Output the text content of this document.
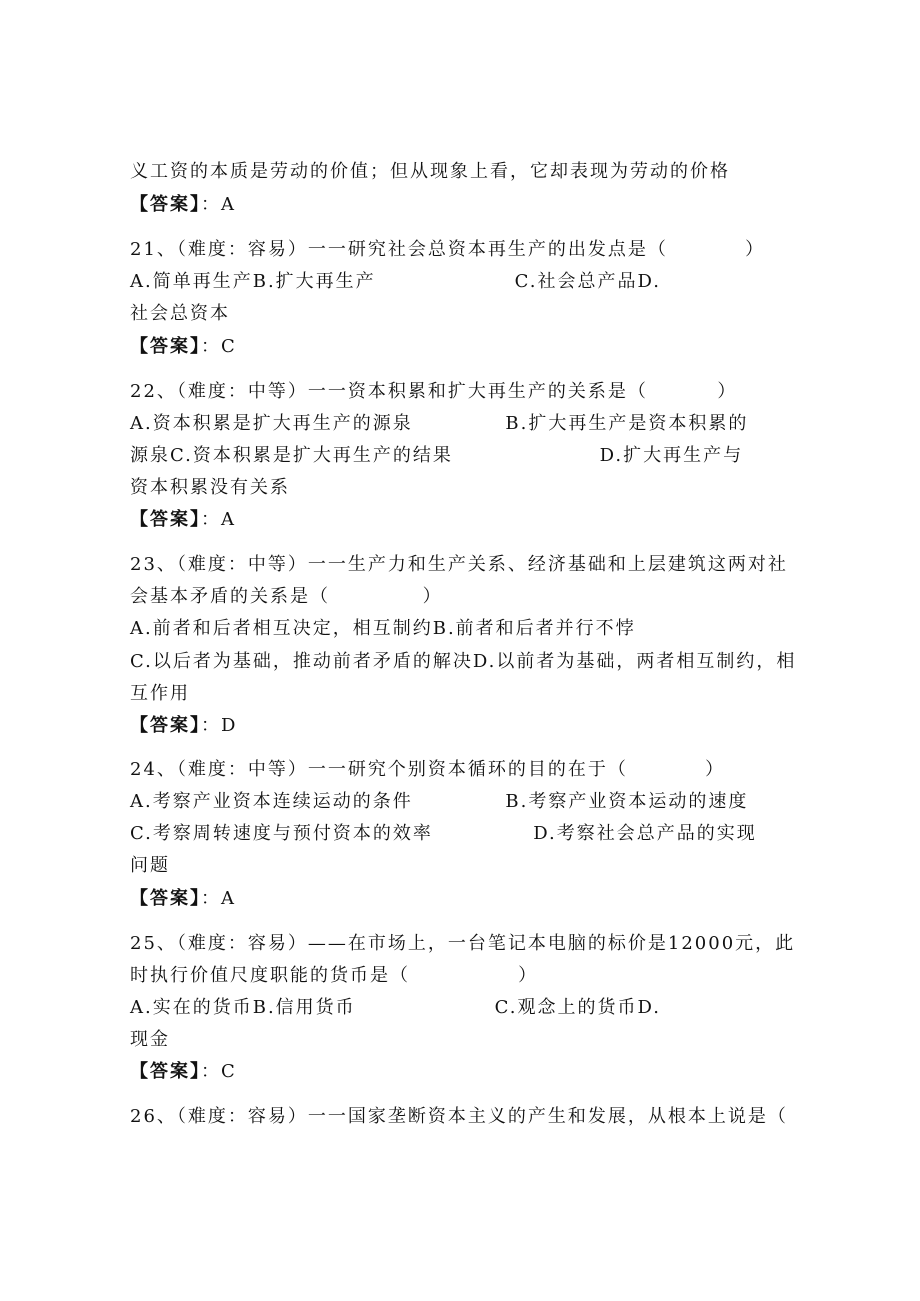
义工资的本质是劳动的价值；但从现象上看，它却表现为劳动的价格
【答案】：A
21、（难度：容易）一一研究社会总资本再生产的出发点是（          ）
A.简单再生产B.扩大再生产                  C.社会总产品D.
社会总资本
【答案】：C
22、（难度：中等）一一资本积累和扩大再生产的关系是（         ）
A.资本积累是扩大再生产的源泉            B.扩大再生产是资本积累的
源泉C.资本积累是扩大再生产的结果                   D.扩大再生产与
资本积累没有关系
【答案】：A
23、（难度：中等）一一生产力和生产关系、经济基础和上层建筑这两对社
会基本矛盾的关系是（            ）
A.前者和后者相互决定，相互制约B.前者和后者并行不悖
C.以后者为基础，推动前者矛盾的解决D.以前者为基础，两者相互制约，相
互作用
【答案】：D
24、（难度：中等）一一研究个别资本循环的目的在于（          ）
A.考察产业资本连续运动的条件            B.考察产业资本运动的速度
C.考察周转速度与预付资本的效率             D.考察社会总产品的实现
问题
【答案】：A
25、（难度：容易）——在市场上，一台笔记本电脑的标价是12000元，此
时执行价值尺度职能的货币是（              ）
A.实在的货币B.信用货币                  C.观念上的货币D.
现金
【答案】：C
26、（难度：容易）一一国家垄断资本主义的产生和发展，从根本上说是（
